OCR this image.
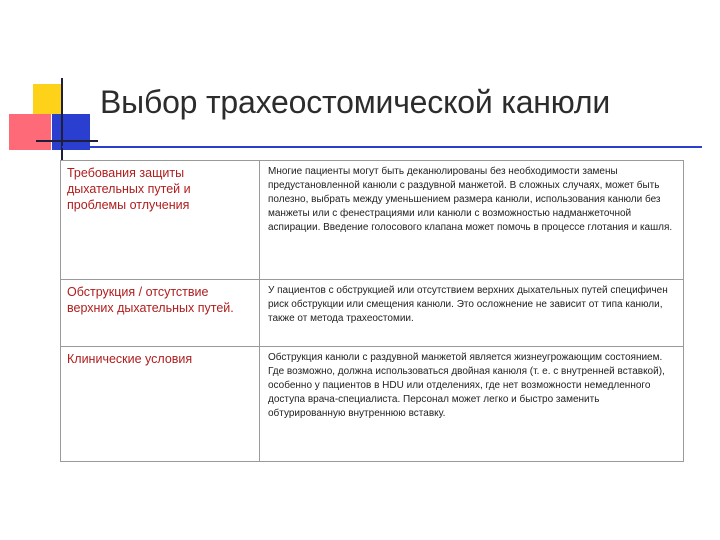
Выбор трахеостомической канюли
Требования защиты дыхательных путей и проблемы отлучения	Многие пациенты могут быть деканюлированы без необходимости замены предустановленной канюли с раздувной манжетой. В сложных случаях, может быть полезно, выбрать между уменьшением размера канюли, использования канюли без манжеты или с фенестрациями или канюли с возможностью надманжеточной аспирации. Введение голосового клапана может помочь в процессе глотания и кашля.
Обструкция / отсутствие верхних дыхательных путей.	У пациентов с обструкцией или отсутствием верхних дыхательных путей специфичен риск обструкции или смещения канюли. Это осложнение не зависит от типа канюли, также от метода трахеостомии.
Клинические условия	Обструкция канюли с раздувной манжетой является жизнеугрожающим состоянием. Где возможно, должна использоваться двойная канюля (т. е. с внутренней вставкой), особенно у пациентов в HDU или отделениях, где нет возможности немедленного доступа врача-специалиста. Персонал может легко и быстро заменить обтурированную внутреннюю вставку.
